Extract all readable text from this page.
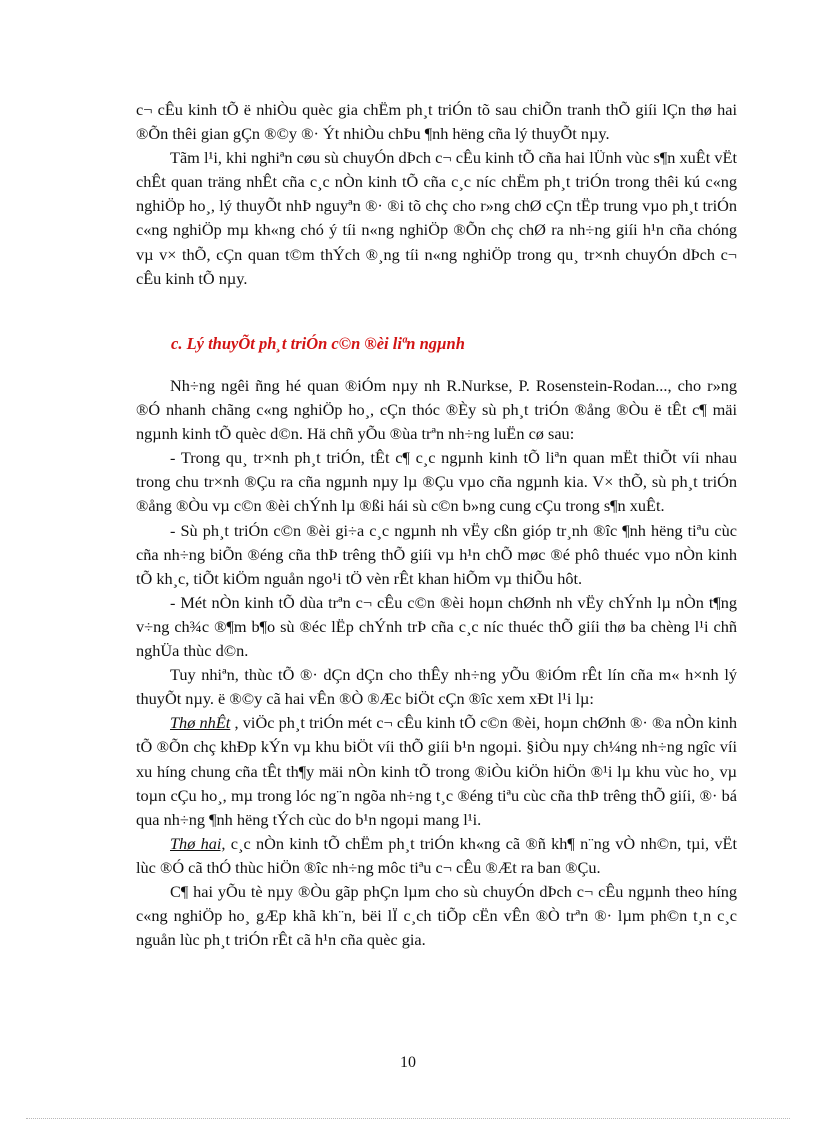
c¬ cÊu kinh tÕ ë nhiÒu quèc gia chËm ph¸t triÓn tõ sau chiÕn tranh thÕ giíi lÇn thø hai ®Õn thêi gian gÇn ®©y ®· Ýt nhiÒu chÞu ¶nh hëng cña lý thuyÕt nµy.

Tãm l¹i, khi nghiªn cøu sù chuyÓn dÞch c¬ cÊu kinh tÕ cña hai lÜnh vùc s¶n xuÊt vËt chÊt quan träng nhÊt cña c¸c nÒn kinh tÕ cña c¸c níc chËm ph¸t triÓn trong thêi kú c«ng nghiÖp ho¸, lý thuyÕt nhÞ nguyªn ®· ®i tõ chç cho r»ng chØ cÇn tËp trung vµo ph¸t triÓn c«ng nghiÖp mµ kh«ng chó ý tíi n«ng nghiÖp ®Õn chç chØ ra nh÷ng giíi h¹n cña chóng vµ v× thÕ, cÇn quan t©m thÝch ®¸ng tíi n«ng nghiÖp trong qu¸ tr×nh chuyÓn dÞch c¬ cÊu kinh tÕ nµy.

c. Lý thuyÕt ph¸t triÓn c©n ®èi liªn ngµnh

Nh÷ng ngêi ñng hé quan ®iÓm nµy nh R.Nurkse, P. Rosenstein-Rodan..., cho r»ng ®Ó nhanh chãng c«ng nghiÖp ho¸, cÇn thóc ®Èy sù ph¸t triÓn ®ång ®Òu ë tÊt c¶ mäi ngµnh kinh tÕ quèc d©n. Hä chñ yÕu ®ùa trªn nh÷ng luËn cø sau:

- Trong qu¸ tr×nh ph¸t triÓn, tÊt c¶ c¸c ngµnh kinh tÕ liªn quan mËt thiÕt víi nhau trong chu tr×nh ®Çu ra cña ngµnh nµy lµ ®Çu vµo cña ngµnh kia. V× thÕ, sù ph¸t triÓn ®ång ®Òu vµ c©n ®èi chÝnh lµ ®ßi hái sù c©n b»ng cung cÇu trong s¶n xuÊt.

- Sù ph¸t triÓn c©n ®èi gi÷a c¸c ngµnh nh vËy cßn gióp tr¸nh ®îc ¶nh hëng tiªu cùc cña nh÷ng biÕn ®éng cña thÞ trêng thÕ giíi vµ h¹n chÕ møc ®é phô thuéc vµo nÒn kinh tÕ kh¸c, tiÕt kiÖm nguån ngo¹i tÖ vèn rÊt khan hiÕm vµ thiÕu hôt.

- Mét nÒn kinh tÕ dùa trªn c¬ cÊu c©n ®èi hoµn chØnh nh vËy chÝnh lµ nÒn t¶ng v÷ng ch¾c ®¶m b¶o sù ®éc lËp chÝnh trÞ cña c¸c níc thuéc thÕ giíi thø ba chèng l¹i chñ nghÜa thùc d©n.

Tuy nhiªn, thùc tÕ ®· dÇn dÇn cho thÊy nh÷ng yÕu ®iÓm rÊt lín cña m« h×nh lý thuyÕt nµy. ë ®©y cã hai vÊn ®Ò ®Æc biÖt cÇn ®îc xem xÐt l¹i lµ:

Thø nhÊt , viÖc ph¸t triÓn mét c¬ cÊu kinh tÕ c©n ®èi, hoµn chØnh ®· ®a nÒn kinh tÕ ®Õn chç khÐp kÝn vµ khu biÖt víi thÕ giíi b¹n ngoµi. §iÒu nµy ch¼ng nh÷ng ngîc víi xu híng chung cña tÊt th¶y mäi nÒn kinh tÕ trong ®iÒu kiÖn hiÖn ®¹i lµ khu vùc ho¸ vµ toµn cÇu ho¸, mµ trong lóc ng¨n ngõa nh÷ng t¸c ®éng tiªu cùc cña thÞ trêng thÕ giíi, ®· bá qua nh÷ng ¶nh hëng tÝch cùc do b¹n ngoµi mang l¹i.

Thø hai, c¸c nÒn kinh tÕ chËm ph¸t triÓn kh«ng cã ®ñ kh¶ n¨ng vÒ nh©n, tµi, vËt lùc ®Ó cã thÓ thùc hiÖn ®îc nh÷ng môc tiªu c¬ cÊu ®Æt ra ban ®Çu.

C¶ hai yÕu tè nµy ®Òu gãp phÇn lµm cho sù chuyÓn dÞch c¬ cÊu ngµnh theo híng c«ng nghiÖp ho¸ gÆp khã kh¨n, bëi lÏ c¸ch tiÕp cËn vÊn ®Ò trªn ®· lµm ph©n t¸n c¸c nguån lùc ph¸t triÓn rÊt cã h¹n cña quèc gia.

10
